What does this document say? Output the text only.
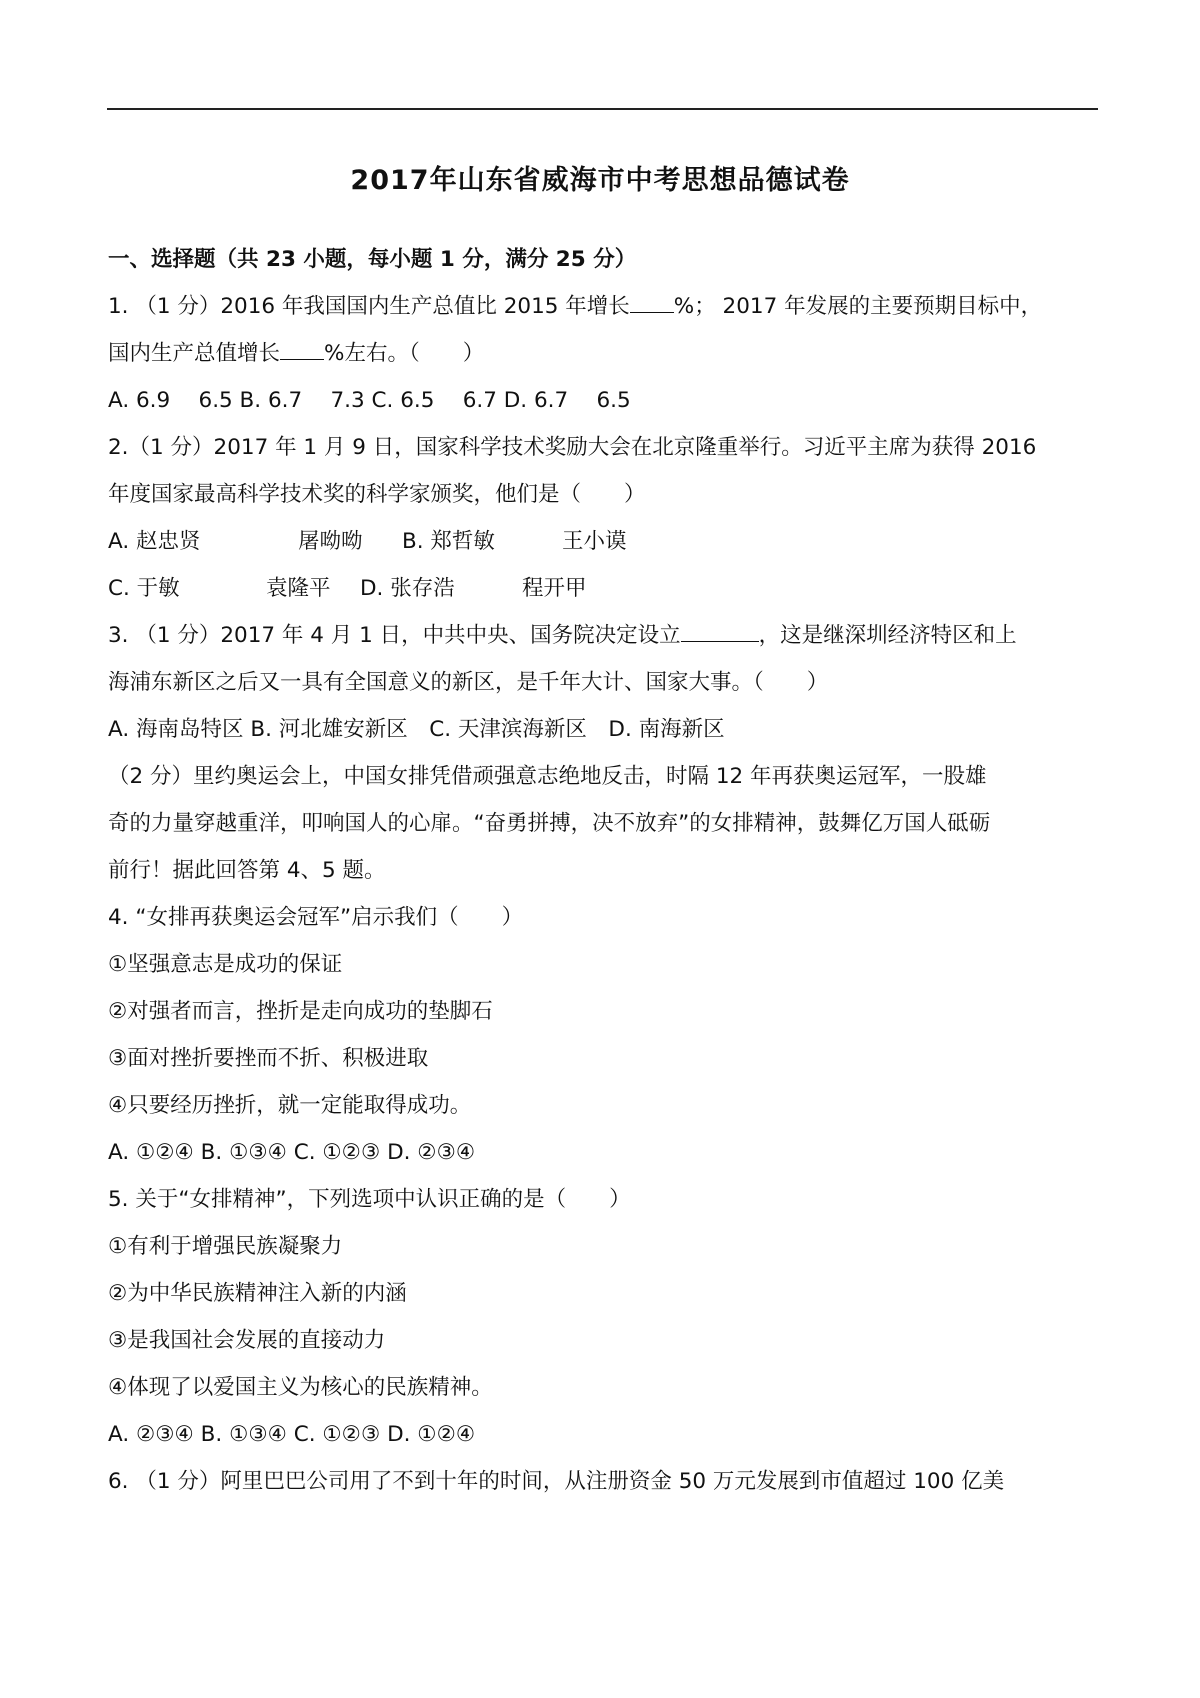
2017年山东省威海市中考思想品德试卷
一、选择题（共 23 小题，每小题 1 分，满分 25 分）
1. （1 分）2016 年我国国内生产总值比 2015 年增长 %； 2017 年发展的主要预期目标中，
国内生产总值增长 %左右。（　　）
A. 6.9　 6.5 B. 6.7　 7.3 C. 6.5　 6.7 D. 6.7　 6.5
2.（1 分）2017 年 1 月 9 日，国家科学技术奖励大会在北京隆重举行。习近平主席为获得 2016
年度国家最高科学技术奖的科学家颁奖，他们是（　　）
A. 赵忠贤	屠呦呦 B. 郑哲敏	王小谟
C. 于敏	袁隆平 D. 张存浩	程开甲
3. （1 分）2017 年 4 月 1 日，中共中央、国务院决定设立	，这是继深圳经济特区和上
海浦东新区之后又一具有全国意义的新区，是千年大计、国家大事。（　　）
A. 海南岛特区 B. 河北雄安新区　C. 天津滨海新区　D. 南海新区
（2 分）里约奥运会上，中国女排凭借顽强意志绝地反击，时隔 12 年再获奥运冠军，一股雄
奇的力量穿越重洋，叩响国人的心扉。“奋勇拼搏，决不放弃”的女排精神，鼓舞亿万国人砥砺
前行！据此回答第 4、5 题。
4. “女排再获奥运会冠军”启示我们（　　）
①坚强意志是成功的保证
②对强者而言，挫折是走向成功的垫脚石
③面对挫折要挫而不折、积极进取
④只要经历挫折，就一定能取得成功。
A. ①②④ B. ①③④ C. ①②③ D. ②③④
5. 关于“女排精神”，下列选项中认识正确的是（　　）
①有利于增强民族凝聚力
②为中华民族精神注入新的内涵
③是我国社会发展的直接动力
④体现了以爱国主义为核心的民族精神。
A. ②③④ B. ①③④ C. ①②③ D. ①②④
6. （1 分）阿里巴巴公司用了不到十年的时间，从注册资金 50 万元发展到市值超过 100 亿美
